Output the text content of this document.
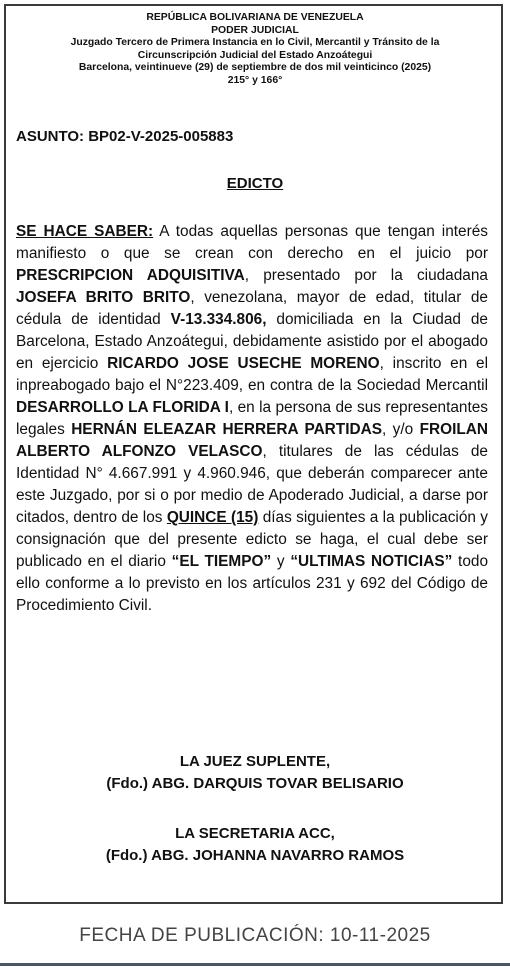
REPÚBLICA BOLIVARIANA DE VENEZUELA
PODER JUDICIAL
Juzgado Tercero de Primera Instancia en lo Civil, Mercantil y Tránsito de la
Circunscripción Judicial del Estado Anzoátegui
Barcelona, veintinueve (29) de septiembre de dos mil veinticinco (2025)
215° y 166°
ASUNTO: BP02-V-2025-005883
EDICTO
SE HACE SABER: A todas aquellas personas que tengan interés manifiesto o que se crean con derecho en el juicio por PRESCRIPCION ADQUISITIVA, presentado por la ciudadana JOSEFA BRITO BRITO, venezolana, mayor de edad, titular de cédula de identidad V-13.334.806, domiciliada en la Ciudad de Barcelona, Estado Anzoátegui, debidamente asistido por el abogado en ejercicio RICARDO JOSE USECHE MORENO, inscrito en el inpreabogado bajo el N°223.409, en contra de la Sociedad Mercantil DESARROLLO LA FLORIDA I, en la persona de sus representantes legales HERNÁN ELEAZAR HERRERA PARTIDAS, y/o FROILAN ALBERTO ALFONZO VELASCO, titulares de las cédulas de Identidad N° 4.667.991 y 4.960.946, que deberán comparecer ante este Juzgado, por si o por medio de Apoderado Judicial, a darse por citados, dentro de los QUINCE (15) días siguientes a la publicación y consignación que del presente edicto se haga, el cual debe ser publicado en el diario “EL TIEMPO” y “ULTIMAS NOTICIAS” todo ello conforme a lo previsto en los artículos 231 y 692 del Código de Procedimiento Civil.
LA JUEZ SUPLENTE,
(Fdo.) ABG. DARQUIS TOVAR BELISARIO
LA SECRETARIA ACC,
(Fdo.) ABG. JOHANNA NAVARRO RAMOS
FECHA DE PUBLICACIÓN: 10-11-2025
